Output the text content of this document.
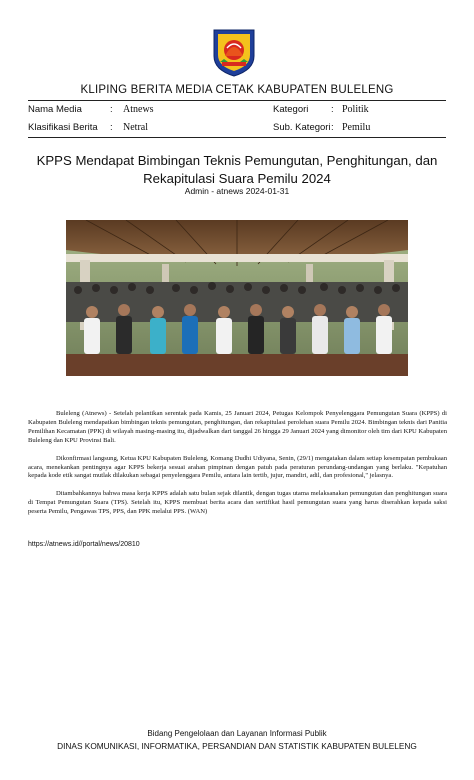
KLIPING BERITA MEDIA CETAK KABUPATEN BULELENG
Nama Media	: Atnews	Kategori : Politik
Klasifikasi Berita : Netral	Sub. Kategori : Pemilu
KPPS Mendapat Bimbingan Teknis Pemungutan, Penghitungan, dan Rekapitulasi Suara Pemilu 2024
Admin - atnews 2024-01-31

Buleleng (Atnews) - Setelah pelantikan serentak pada Kamis, 25 Januari 2024, Petugas Kelompok Penyelenggara Pemungutan Suara (KPPS) di Kabupaten Buleleng mendapatkan bimbingan teknis pemungutan, penghitungan, dan rekapitulasi perolehan suara Pemilu 2024. Bimbingan teknis dari Panitia Pemilihan Kecamatan (PPK) di wilayah masing-masing itu, dijadwalkan dari tanggal 26 hingga 29 Januari 2024 yang dimonitor oleh tim dari KPU Kabupaten Buleleng dan KPU Provinsi Bali.

Dikonfirmasi langsung, Ketua KPU Kabupaten Buleleng, Komang Dudhi Udiyana, Senin, (29/1) mengatakan dalam setiap kesempatan pembukaan acara, menekankan pentingnya agar KPPS bekerja sesuai arahan pimpinan dengan patuh pada peraturan perundang-undangan yang berlaku. "Kepatuhan kepada kode etik sangat mutlak dilakukan sebagai penyelenggara Pemilu, antara lain tertib, jujur, mandiri, adil, dan profesional," jelasnya.

Ditambahkannya bahwa masa kerja KPPS adalah satu bulan sejak dilantik, dengan tugas utama melaksanakan pemungutan dan penghitungan suara di Tempat Pemungutan Suara (TPS). Setelah itu, KPPS membuat berita acara dan sertifikat hasil pemungutan suara yang harus diserahkan kepada saksi peserta Pemilu, Pengawas TPS, PPS, dan PPK melalui PPS. (WAN)

https://atnews.id//portal/news/20810
Bidang Pengelolaan dan Layanan Informasi Publik
DINAS KOMUNIKASI, INFORMATIKA, PERSANDIAN DAN STATISTIK KABUPATEN BULELENG
